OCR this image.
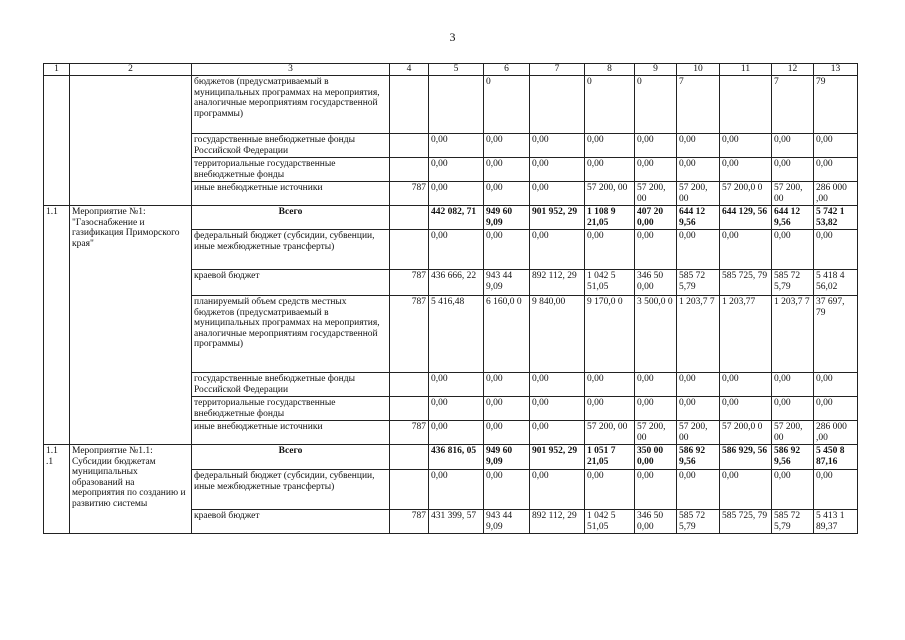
3
1	2	3	4	5	6	7	8	9	10	11	12	13
		бюджетов (предусматриваемый в муниципальных программах на мероприятия, аналогичные мероприятиям государственной программы)			0		0	0	7		7	79
		государственные внебюджетные фонды Российской Федерации		0,00	0,00	0,00	0,00	0,00	0,00	0,00	0,00	0,00
		территориальные государственные внебюджетные фонды		0,00	0,00	0,00	0,00	0,00	0,00	0,00	0,00	0,00
		иные внебюджетные источники	787	0,00	0,00	0,00	57 200, 00	57 200, 00	57 200, 00	57 200,0 0	57 200, 00	286 000 ,00
1.1	Мероприятие №1: "Газоснабжение и газификация Приморского края"	Всего		442 082, 71	949 60 9,09	901 952, 29	1 108 9 21,05	407 20 0,00	644 12 9,56	644 129, 56	644 12 9,56	5 742 1 53,82
		федеральный бюджет (субсидии, субвенции, иные межбюджетные трансферты)		0,00	0,00	0,00	0,00	0,00	0,00	0,00	0,00	0,00
		краевой бюджет	787	436 666, 22	943 44 9,09	892 112, 29	1 042 5 51,05	346 50 0,00	585 72 5,79	585 725, 79	585 72 5,79	5 418 4 56,02
		планируемый объем средств местных бюджетов (предусматриваемый в муниципальных программах на мероприятия, аналогичные мероприятиям государственной программы)	787	5 416,48	6 160,0 0	9 840,00	9 170,0 0	3 500,0 0	1 203,7 7	1 203,77	1 203,7 7	37 697, 79
		государственные внебюджетные фонды Российской Федерации		0,00	0,00	0,00	0,00	0,00	0,00	0,00	0,00	0,00
		территориальные государственные внебюджетные фонды		0,00	0,00	0,00	0,00	0,00	0,00	0,00	0,00	0,00
		иные внебюджетные источники	787	0,00	0,00	0,00	57 200, 00	57 200, 00	57 200, 00	57 200,0 0	57 200, 00	286 000 ,00
1.1 .1	Мероприятие №1.1: Субсидии бюджетам муниципальных образований на мероприятия по созданию и развитию системы	Всего		436 816, 05	949 60 9,09	901 952, 29	1 051 7 21,05	350 00 0,00	586 92 9,56	586 929, 56	586 92 9,56	5 450 8 87,16
		федеральный бюджет (субсидии, субвенции, иные межбюджетные трансферты)		0,00	0,00	0,00	0,00	0,00	0,00	0,00	0,00	0,00
		краевой бюджет	787	431 399, 57	943 44 9,09	892 112, 29	1 042 5 51,05	346 50 0,00	585 72 5,79	585 725, 79	585 72 5,79	5 413 1 89,37
